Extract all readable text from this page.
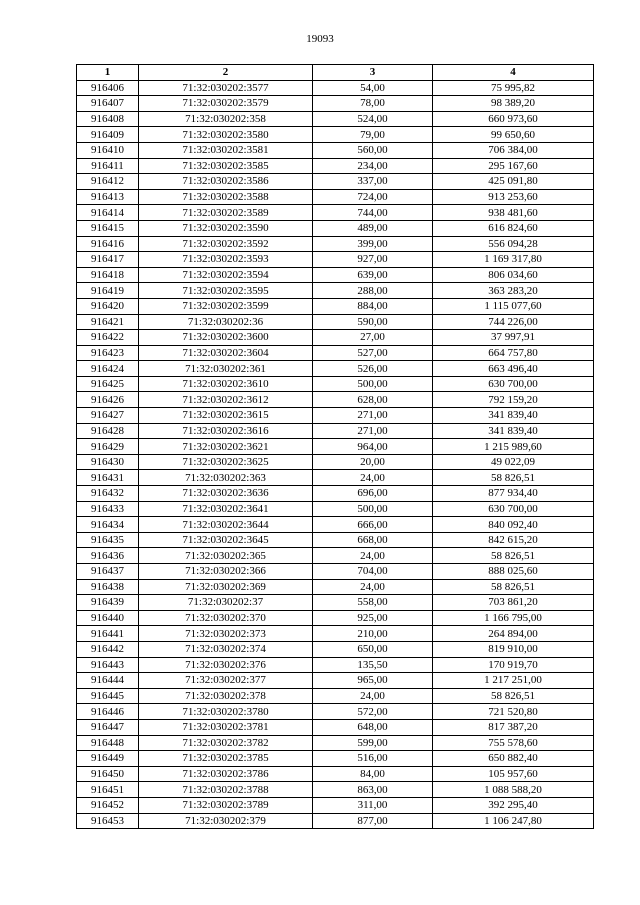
19093
1	2	3	4
916406	71:32:030202:3577	54,00	75 995,82
916407	71:32:030202:3579	78,00	98 389,20
916408	71:32:030202:358	524,00	660 973,60
916409	71:32:030202:3580	79,00	99 650,60
916410	71:32:030202:3581	560,00	706 384,00
916411	71:32:030202:3585	234,00	295 167,60
916412	71:32:030202:3586	337,00	425 091,80
916413	71:32:030202:3588	724,00	913 253,60
916414	71:32:030202:3589	744,00	938 481,60
916415	71:32:030202:3590	489,00	616 824,60
916416	71:32:030202:3592	399,00	556 094,28
916417	71:32:030202:3593	927,00	1 169 317,80
916418	71:32:030202:3594	639,00	806 034,60
916419	71:32:030202:3595	288,00	363 283,20
916420	71:32:030202:3599	884,00	1 115 077,60
916421	71:32:030202:36	590,00	744 226,00
916422	71:32:030202:3600	27,00	37 997,91
916423	71:32:030202:3604	527,00	664 757,80
916424	71:32:030202:361	526,00	663 496,40
916425	71:32:030202:3610	500,00	630 700,00
916426	71:32:030202:3612	628,00	792 159,20
916427	71:32:030202:3615	271,00	341 839,40
916428	71:32:030202:3616	271,00	341 839,40
916429	71:32:030202:3621	964,00	1 215 989,60
916430	71:32:030202:3625	20,00	49 022,09
916431	71:32:030202:363	24,00	58 826,51
916432	71:32:030202:3636	696,00	877 934,40
916433	71:32:030202:3641	500,00	630 700,00
916434	71:32:030202:3644	666,00	840 092,40
916435	71:32:030202:3645	668,00	842 615,20
916436	71:32:030202:365	24,00	58 826,51
916437	71:32:030202:366	704,00	888 025,60
916438	71:32:030202:369	24,00	58 826,51
916439	71:32:030202:37	558,00	703 861,20
916440	71:32:030202:370	925,00	1 166 795,00
916441	71:32:030202:373	210,00	264 894,00
916442	71:32:030202:374	650,00	819 910,00
916443	71:32:030202:376	135,50	170 919,70
916444	71:32:030202:377	965,00	1 217 251,00
916445	71:32:030202:378	24,00	58 826,51
916446	71:32:030202:3780	572,00	721 520,80
916447	71:32:030202:3781	648,00	817 387,20
916448	71:32:030202:3782	599,00	755 578,60
916449	71:32:030202:3785	516,00	650 882,40
916450	71:32:030202:3786	84,00	105 957,60
916451	71:32:030202:3788	863,00	1 088 588,20
916452	71:32:030202:3789	311,00	392 295,40
916453	71:32:030202:379	877,00	1 106 247,80
